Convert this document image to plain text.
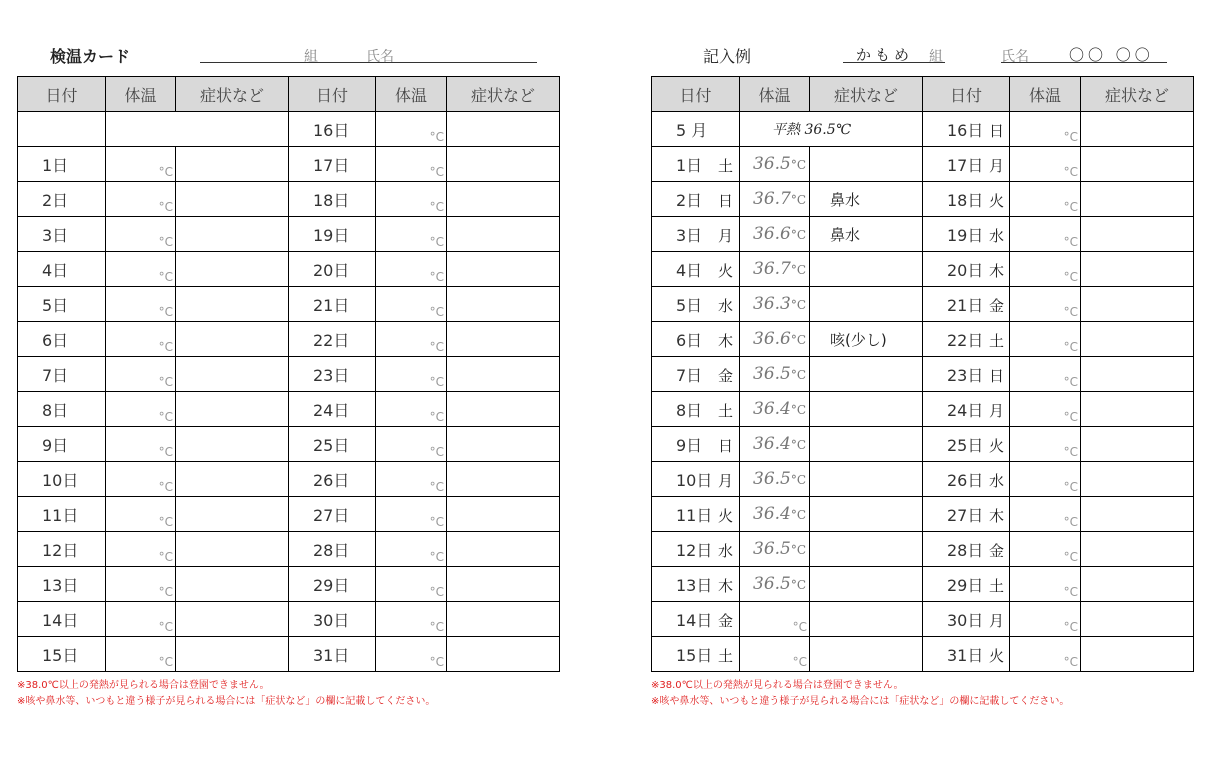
検温カード	組	氏名
日付	体温	症状など	日付	体温	症状など
			16日	°C	

1日	°C		17日	°C	

2日	°C		18日	°C	

3日	°C		19日	°C	

4日	°C		20日	°C	

5日	°C		21日	°C	

6日	°C		22日	°C	

7日	°C		23日	°C	

8日	°C		24日	°C	

9日	°C		25日	°C	

10日	°C		26日	°C	

11日	°C		27日	°C	

12日	°C		28日	°C	

13日	°C		29日	°C	

14日	°C		30日	°C	

15日	°C		31日	°C	

※38.0℃以上の発熱が見られる場合は登園できません。
※咳や鼻水等、いつもと違う様子が見られる場合には「症状など」の欄に記載してください。
記入例	かもめ 組	氏名	〇〇 〇〇
日付	体温	症状など	日付	体温	症状など
5 月	平熱 36.5℃		16日 日	°C	

1日 土	36.5°C		17日 月	°C	

2日 日	36.7°C	鼻水	18日 火	°C	

3日 月	36.6°C	鼻水	19日 水	°C	

4日 火	36.7°C		20日 木	°C	

5日 水	36.3°C		21日 金	°C	

6日 木	36.6°C	咳(少し)	22日 土	°C	

7日 金	36.5°C		23日 日	°C	

8日 土	36.4°C		24日 月	°C	

9日 日	36.4°C		25日 火	°C	

10日 月	36.5°C		26日 水	°C	

11日 火	36.4°C		27日 木	°C	

12日 水	36.5°C		28日 金	°C	

13日 木	36.5°C		29日 土	°C	

14日 金	°C		30日 月	°C	

15日 土	°C		31日 火	°C	

※38.0℃以上の発熱が見られる場合は登園できません。
※咳や鼻水等、いつもと違う様子が見られる場合には「症状など」の欄に記載してください。
